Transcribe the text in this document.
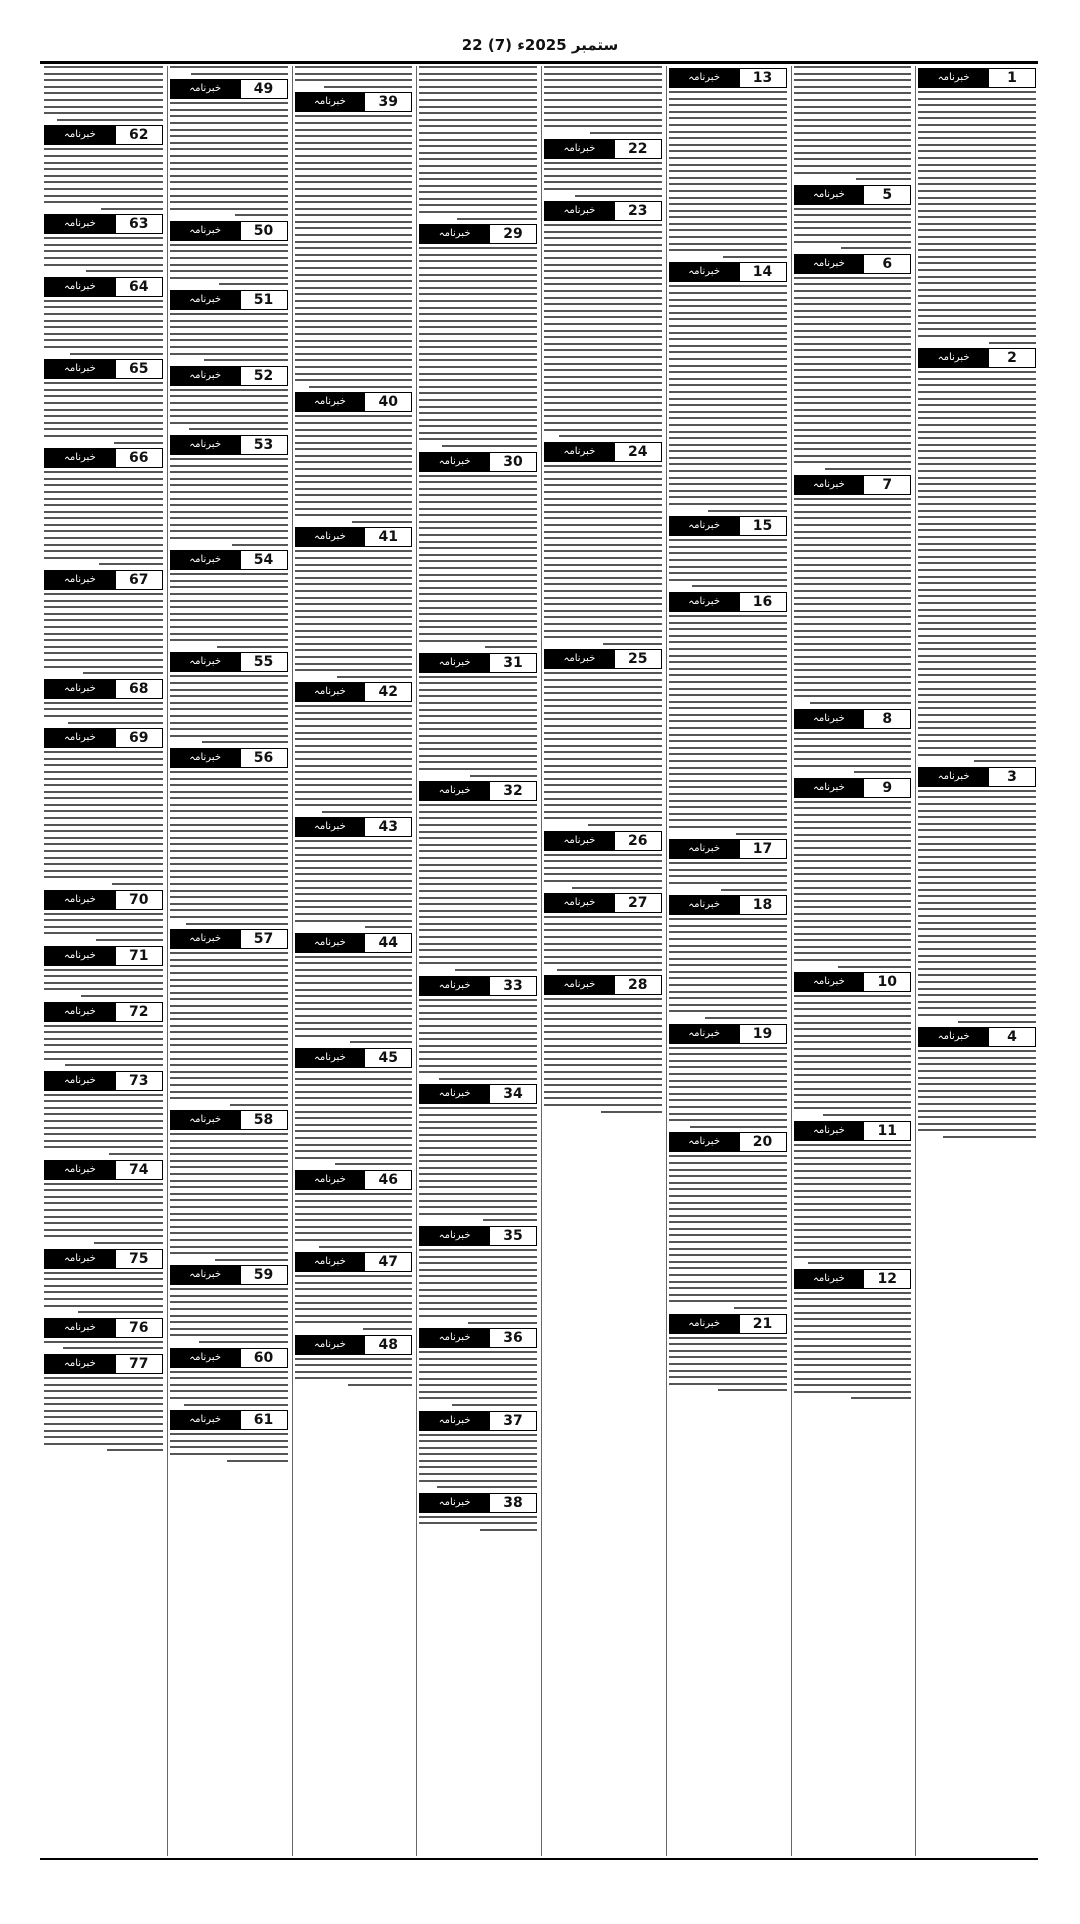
22 ستمبر 2025ء (7)
1
خبرنامہ
2
خبرنامہ
3
خبرنامہ
4
خبرنامہ
5
خبرنامہ
6
خبرنامہ
7
خبرنامہ
8
خبرنامہ
9
خبرنامہ
10
خبرنامہ
11
خبرنامہ
12
خبرنامہ
13
خبرنامہ
14
خبرنامہ
15
خبرنامہ
16
خبرنامہ
17
خبرنامہ
18
خبرنامہ
19
خبرنامہ
20
خبرنامہ
21
خبرنامہ
22
خبرنامہ
23
خبرنامہ
24
خبرنامہ
25
خبرنامہ
26
خبرنامہ
27
خبرنامہ
28
خبرنامہ
29
خبرنامہ
30
خبرنامہ
31
خبرنامہ
32
خبرنامہ
33
خبرنامہ
34
خبرنامہ
35
خبرنامہ
36
خبرنامہ
37
خبرنامہ
38
خبرنامہ
39
خبرنامہ
40
خبرنامہ
41
خبرنامہ
42
خبرنامہ
43
خبرنامہ
44
خبرنامہ
45
خبرنامہ
46
خبرنامہ
47
خبرنامہ
48
خبرنامہ
49
خبرنامہ
50
خبرنامہ
51
خبرنامہ
52
خبرنامہ
53
خبرنامہ
54
خبرنامہ
55
خبرنامہ
56
خبرنامہ
57
خبرنامہ
58
خبرنامہ
59
خبرنامہ
60
خبرنامہ
61
خبرنامہ
62
خبرنامہ
63
خبرنامہ
64
خبرنامہ
65
خبرنامہ
66
خبرنامہ
67
خبرنامہ
68
خبرنامہ
69
خبرنامہ
70
خبرنامہ
71
خبرنامہ
72
خبرنامہ
73
خبرنامہ
74
خبرنامہ
75
خبرنامہ
76
خبرنامہ
77
خبرنامہ
